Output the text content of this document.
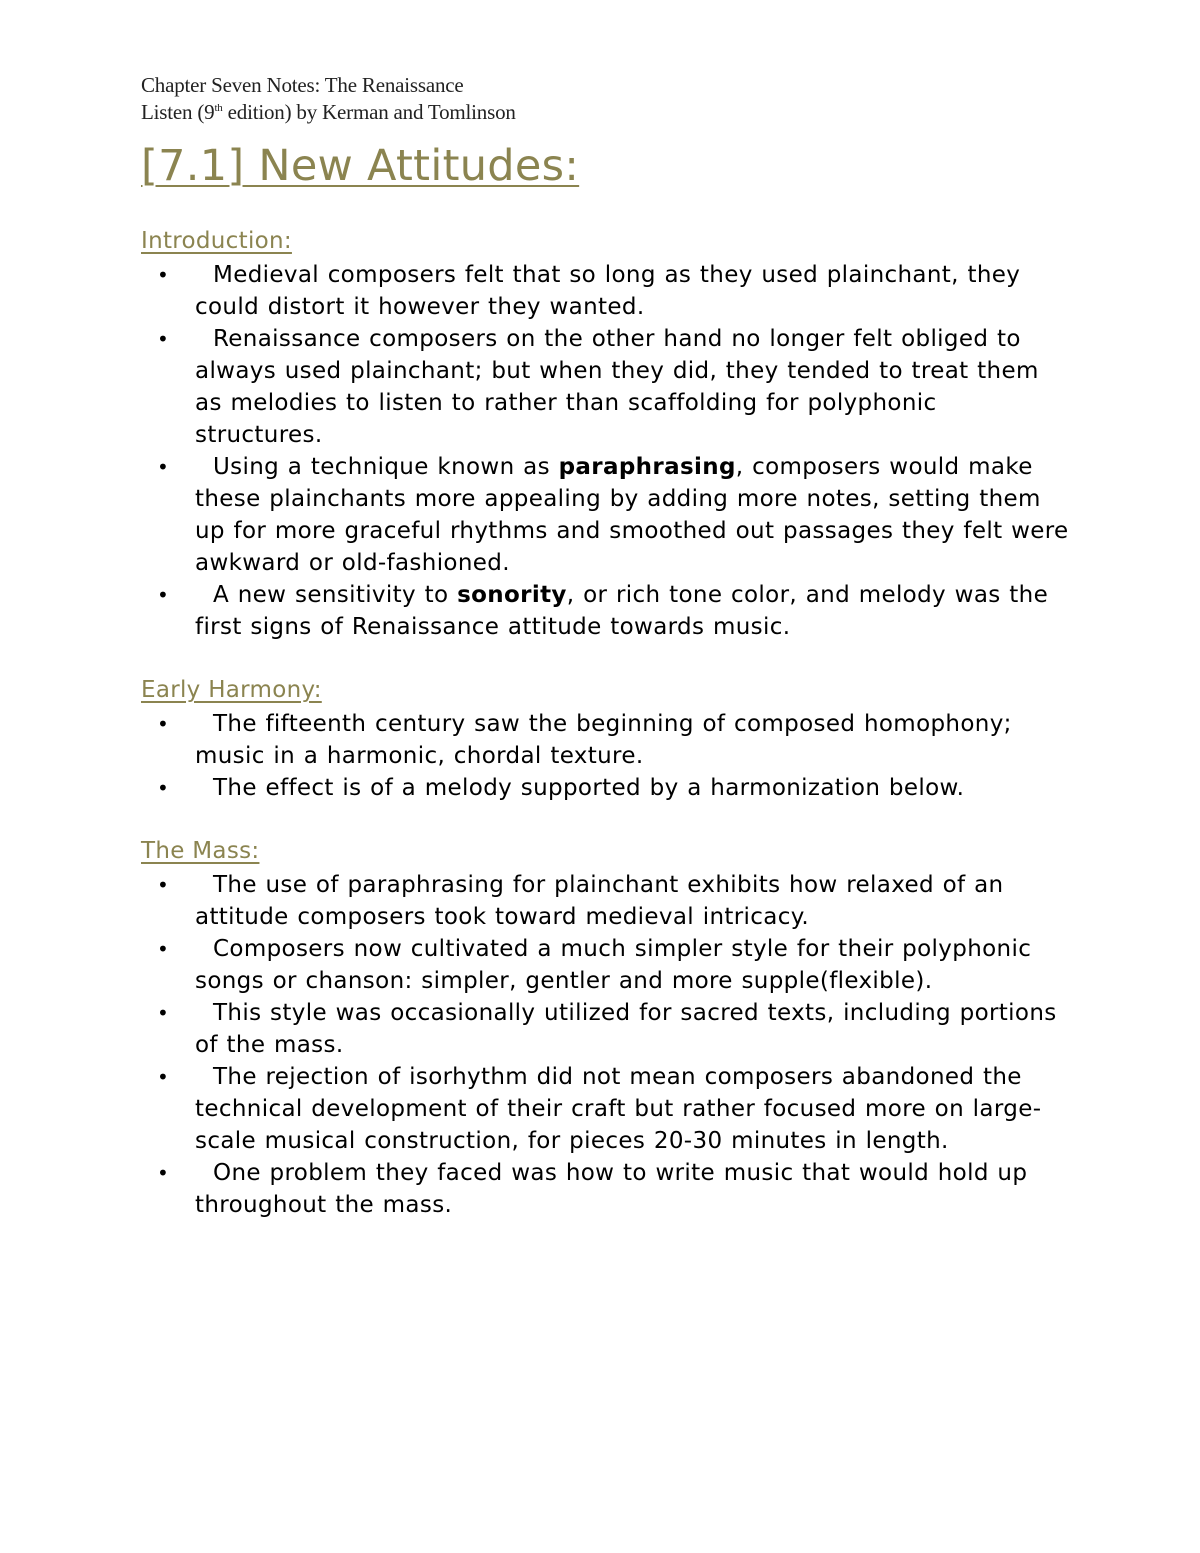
Chapter Seven Notes: The Renaissance
Listen (9th edition) by Kerman and Tomlinson
[7.1] New Attitudes:
Introduction:
• Medieval composers felt that so long as they used plainchant, they could distort it however they wanted.
• Renaissance composers on the other hand no longer felt obliged to always used plainchant; but when they did, they tended to treat them as melodies to listen to rather than scaffolding for polyphonic structures.
• Using a technique known as paraphrasing, composers would make these plainchants more appealing by adding more notes, setting them up for more graceful rhythms and smoothed out passages they felt were awkward or old-fashioned.
• A new sensitivity to sonority, or rich tone color, and melody was the first signs of Renaissance attitude towards music.
Early Harmony:
• The fifteenth century saw the beginning of composed homophony; music in a harmonic, chordal texture.
• The effect is of a melody supported by a harmonization below.
The Mass:
• The use of paraphrasing for plainchant exhibits how relaxed of an attitude composers took toward medieval intricacy.
• Composers now cultivated a much simpler style for their polyphonic songs or chanson: simpler, gentler and more supple(flexible).
• This style was occasionally utilized for sacred texts, including portions of the mass.
• The rejection of isorhythm did not mean composers abandoned the technical development of their craft but rather focused more on large-scale musical construction, for pieces 20-30 minutes in length.
• One problem they faced was how to write music that would hold up throughout the mass.
